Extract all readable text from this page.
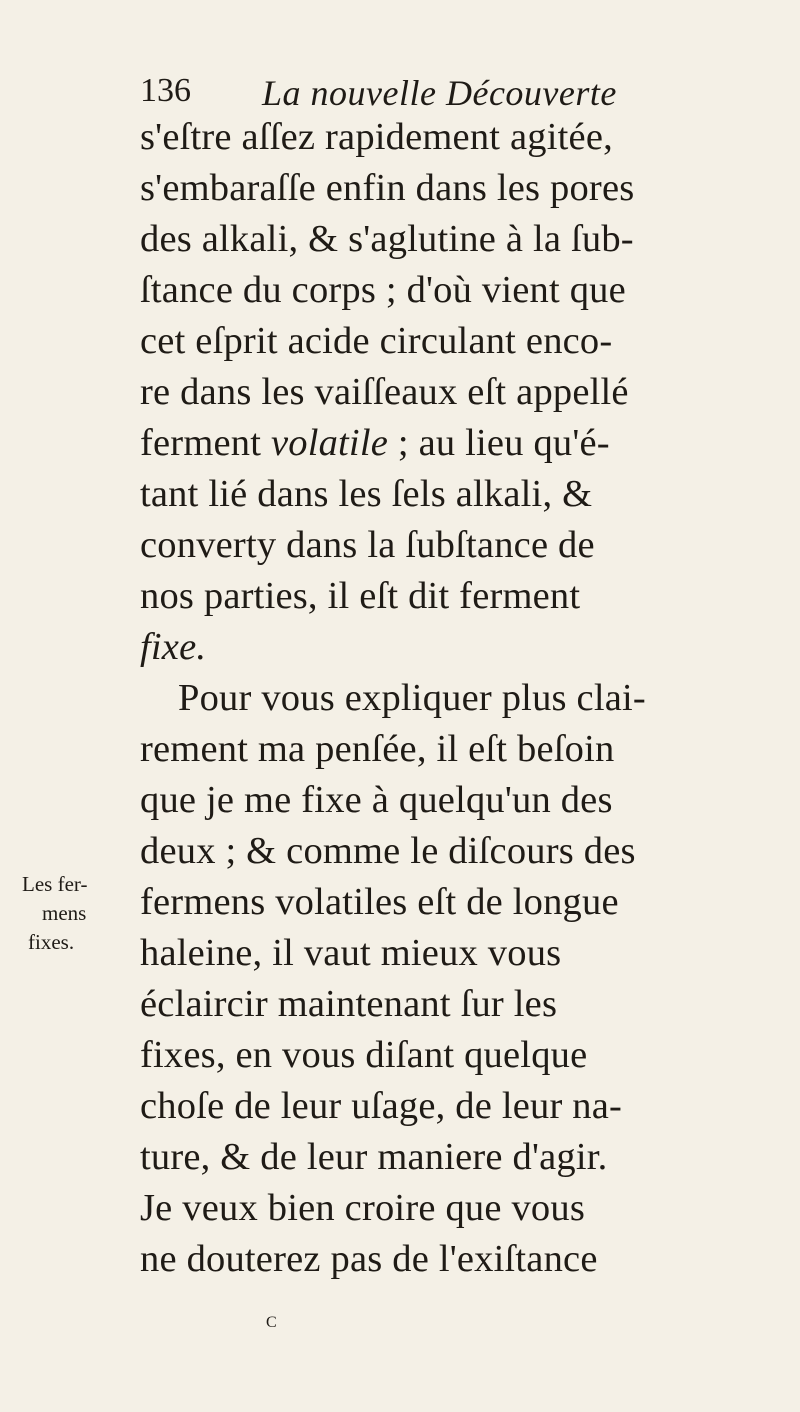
136 La nouvelle Découverte
s'eſtre aſſez rapidement agitée,
s'embaraſſe enfin dans les pores
des alkali, & s'aglutine à la ſub-
ſtance du corps ; d'où vient que
cet eſprit acide circulant enco-
re dans les vaiſſeaux eſt appellé
ferment volatile ; au lieu qu'é-
tant lié dans les ſels alkali, &
converty dans la ſubſtance de
nos parties, il eſt dit ferment
fixe.
Pour vous expliquer plus clai-
rement ma penſée, il eſt beſoin
que je me fixe à quelqu'un des
deux ; & comme le diſcours des
fermens volatiles eſt de longue
haleine, il vaut mieux vous
éclaircir maintenant ſur les
fixes, en vous diſant quelque
choſe de leur uſage, de leur na-
ture, & de leur maniere d'agir.
Je veux bien croire que vous
ne douterez pas de l'exiſtance
Les fer-
mens
fixes.
C
